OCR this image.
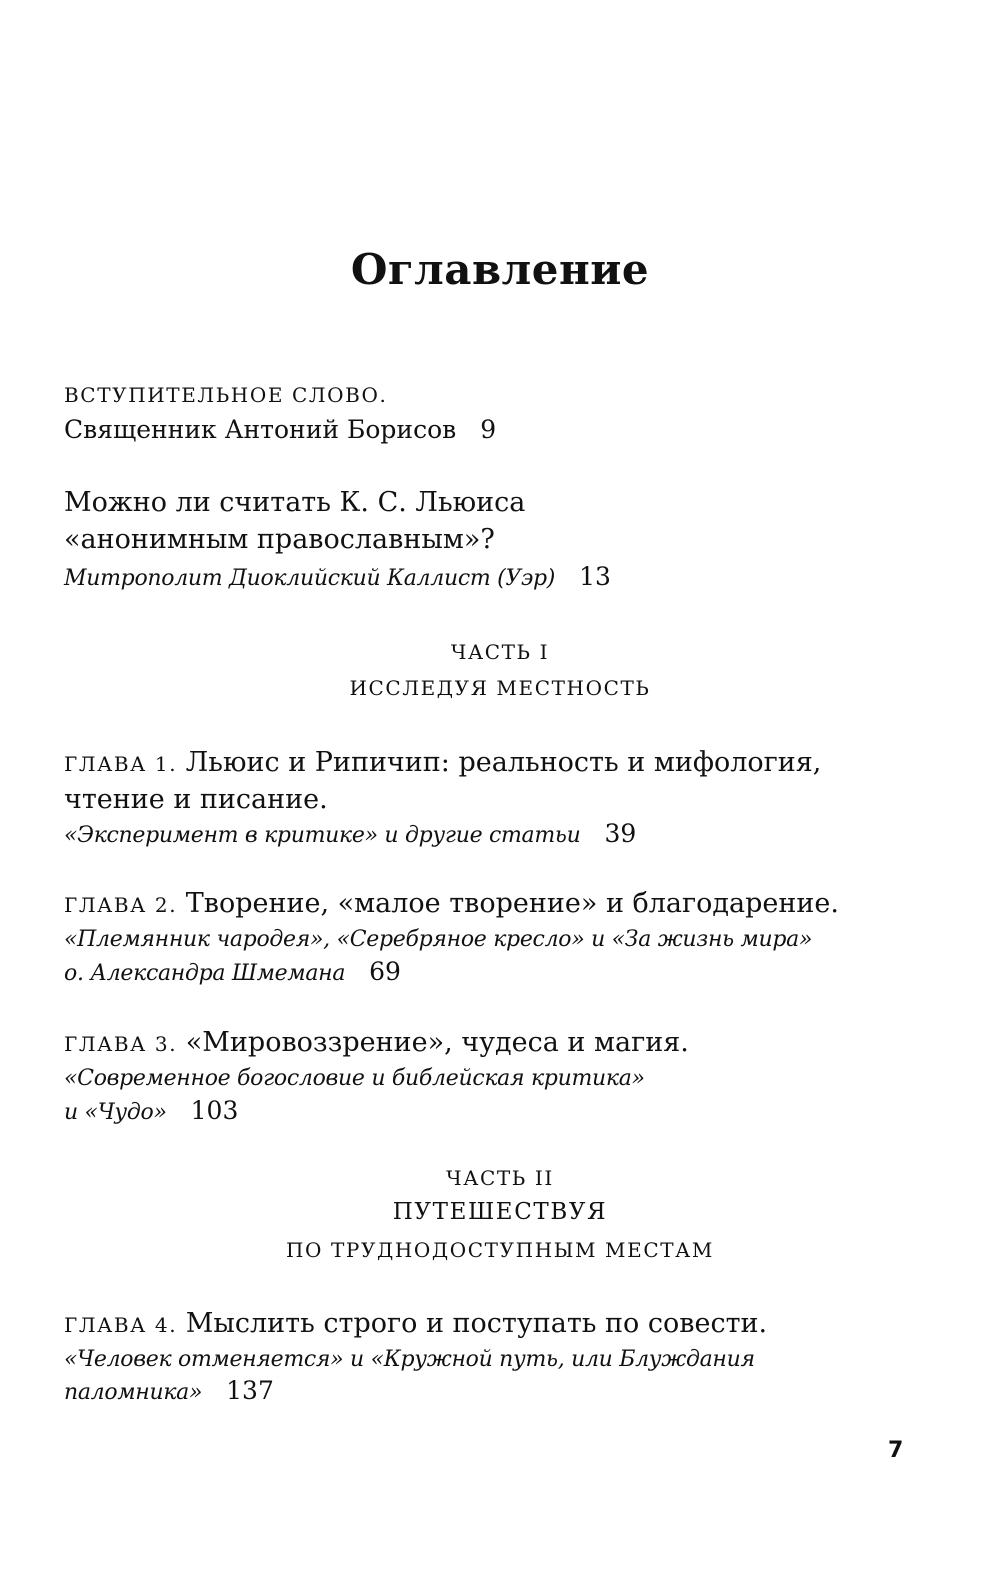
Оглавление
ВСТУПИТЕЛЬНОЕ СЛОВО.
Священник Антоний Борисов 9
Можно ли считать К. С. Льюиса
«анонимным православным»?
Митрополит Диоклийский Каллист (Уэр) 13
ЧАСТЬ I
ИССЛЕДУЯ МЕСТНОСТЬ
ГЛАВА 1. Льюис и Рипичип: реальность и мифология,
чтение и писание.
«Эксперимент в критике» и другие статьи 39
ГЛАВА 2. Творение, «малое творение» и благодарение.
«Племянник чародея», «Серебряное кресло» и «За жизнь мира»
о. Александра Шмемана 69
ГЛАВА 3. «Мировоззрение», чудеса и магия.
«Современное богословие и библейская критика»
и «Чудо» 103
ЧАСТЬ II
ПУТЕШЕСТВУЯ
ПО ТРУДНОДОСТУПНЫМ МЕСТАМ
ГЛАВА 4. Мыслить строго и поступать по совести.
«Человек отменяется» и «Кружной путь, или Блуждания
паломника» 137
7
